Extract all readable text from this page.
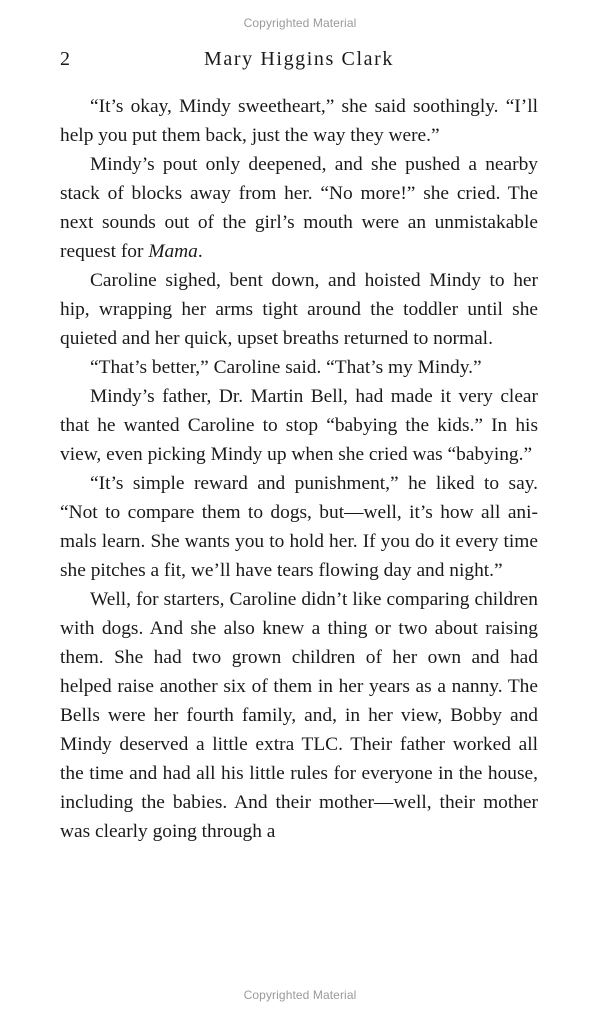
Copyrighted Material
2	Mary Higgins Clark

“It’s okay, Mindy sweetheart,” she said soothingly. “I’ll help you put them back, just the way they were.”

Mindy’s pout only deepened, and she pushed a nearby stack of blocks away from her. “No more!” she cried. The next sounds out of the girl’s mouth were an unmistakable request for Mama.

Caroline sighed, bent down, and hoisted Mindy to her hip, wrapping her arms tight around the toddler until she quieted and her quick, upset breaths returned to normal.

“That’s better,” Caroline said. “That’s my Mindy.”

Mindy’s father, Dr. Martin Bell, had made it very clear that he wanted Caroline to stop “babying the kids.” In his view, even picking Mindy up when she cried was “babying.”

“It’s simple reward and punishment,” he liked to say. “Not to compare them to dogs, but—well, it’s how all animals learn. She wants you to hold her. If you do it every time she pitches a fit, we’ll have tears flowing day and night.”

Well, for starters, Caroline didn’t like comparing children with dogs. And she also knew a thing or two about raising them. She had two grown children of her own and had helped raise another six of them in her years as a nanny. The Bells were her fourth family, and, in her view, Bobby and Mindy deserved a little extra TLC. Their father worked all the time and had all his little rules for everyone in the house, including the babies. And their mother—well, their mother was clearly going through a

Copyrighted Material
